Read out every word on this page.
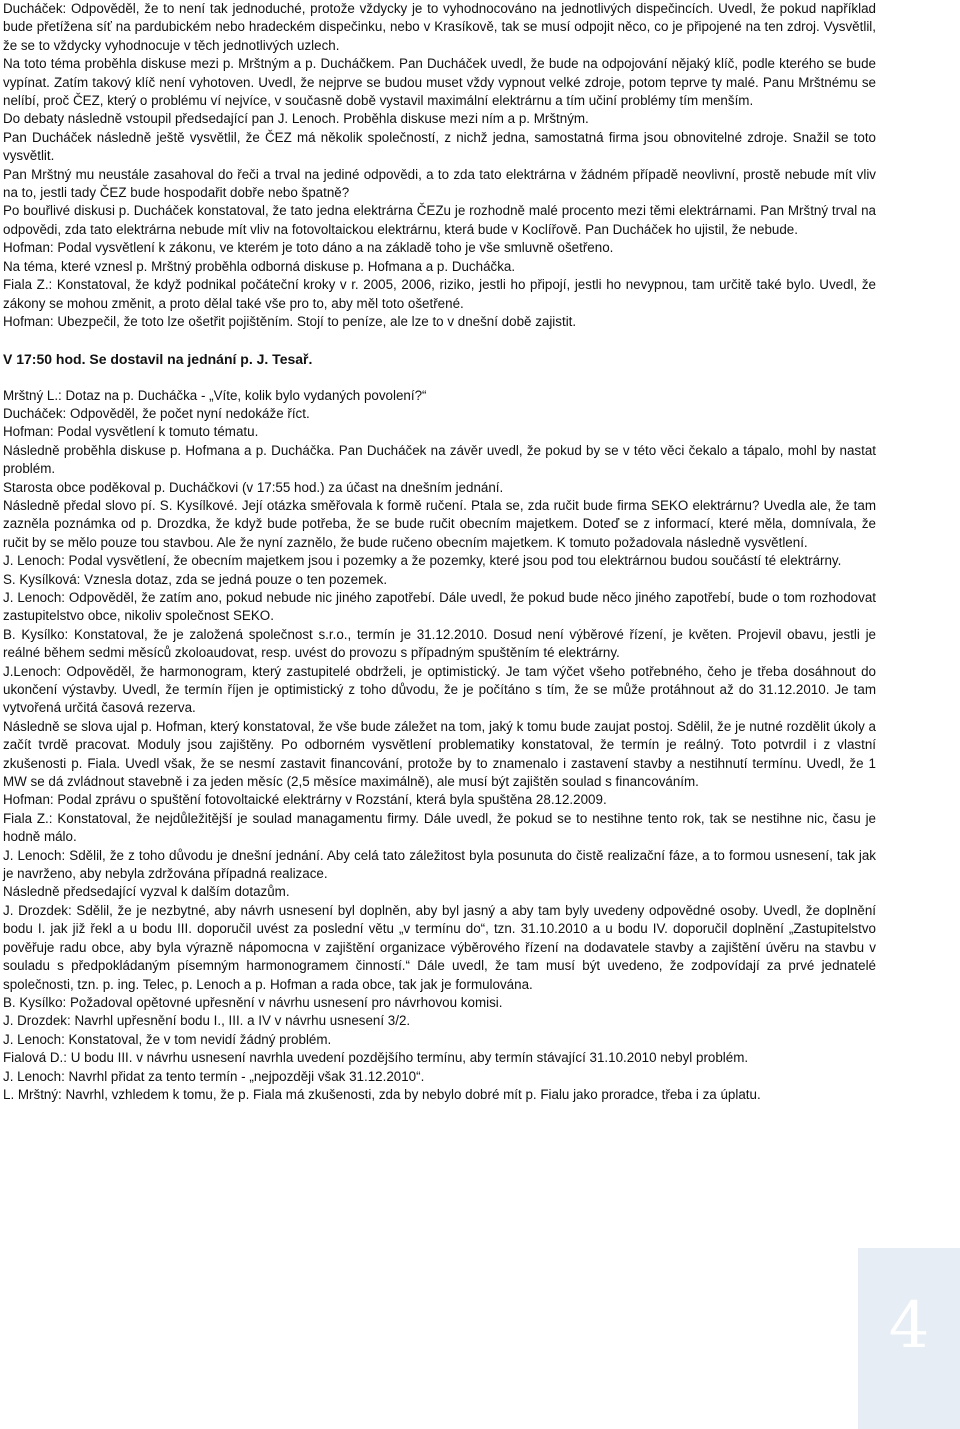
Ducháček: Odpověděl, že to není tak jednoduché, protože vždycky je to vyhodnocováno na jednotlivých dispečincích. Uvedl, že pokud například bude přetížena síť na pardubickém nebo hradeckém dispečinku, nebo v Krasíkově, tak se musí odpojit něco, co je připojené na ten zdroj. Vysvětlil, že se to vždycky vyhodnocuje v těch jednotlivých uzlech.

Na toto téma proběhla diskuse mezi p. Mrštným a p. Ducháčkem. Pan Ducháček uvedl, že bude na odpojování nějaký klíč, podle kterého se bude vypínat. Zatím takový klíč není vyhotoven. Uvedl, že nejprve se budou muset vždy vypnout velké zdroje, potom teprve ty malé. Panu Mrštnému se nelíbí, proč ČEZ, který o problému ví nejvíce, v současně době vystavil maximální elektrárnu a tím učiní problémy tím menším.

Do debaty následně vstoupil předsedající pan J. Lenoch. Proběhla diskuse mezi ním a p. Mrštným.

Pan Ducháček následně ještě vysvětlil, že ČEZ má několik společností, z nichž jedna, samostatná firma jsou obnovitelné zdroje. Snažil se toto vysvětlit.

Pan Mrštný mu neustále zasahoval do řeči a trval na jediné odpovědi, a to zda tato elektrárna v žádném případě neovlivní, prostě nebude mít vliv na to, jestli tady ČEZ bude hospodařit dobře nebo špatně?

Po bouřlivé diskusi p. Ducháček konstatoval, že tato jedna elektrárna ČEZu je rozhodně malé procento mezi těmi elektrárnami. Pan Mrštný trval na odpovědi, zda tato elektrárna nebude mít vliv na fotovoltaickou elektrárnu, která bude v Koclířově. Pan Ducháček ho ujistil, že nebude.

Hofman: Podal vysvětlení k zákonu, ve kterém je toto dáno a na základě toho je vše smluvně ošetřeno.

Na téma, které vznesl p. Mrštný proběhla odborná diskuse p. Hofmana a p. Ducháčka.

Fiala Z.: Konstatoval, že když podnikal počáteční kroky v r. 2005, 2006, riziko, jestli ho připojí, jestli ho nevypnou, tam určitě také bylo. Uvedl, že zákony se mohou změnit, a proto dělal také vše pro to, aby měl toto ošetřené.

Hofman: Ubezpečil, že toto lze ošetřit pojištěním. Stojí to peníze, ale lze to v dnešní době zajistit.

V 17:50 hod. Se dostavil na jednání p. J. Tesař.

Mrštný L.: Dotaz na p. Ducháčka - „Víte, kolik bylo vydaných povolení?“

Ducháček: Odpověděl, že počet nyní nedokáže říct.

Hofman: Podal vysvětlení k tomuto tématu.

Následně proběhla diskuse p. Hofmana a p. Ducháčka. Pan Ducháček na závěr uvedl, že pokud by se v této věci čekalo a tápalo, mohl by nastat problém.

Starosta obce poděkoval p. Ducháčkovi (v 17:55 hod.) za účast na dnešním jednání.

Následně předal slovo pí. S. Kysílkové. Její otázka směřovala k formě ručení. Ptala se, zda ručit bude firma SEKO elektrárnu? Uvedla ale, že tam zazněla poznámka od p. Drozdka, že když bude potřeba, že se bude ručit obecním majetkem. Doteď se z informací, které měla, domnívala, že ručit by se mělo pouze tou stavbou. Ale že nyní zaznělo, že bude ručeno obecním majetkem. K tomuto požadovala následně vysvětlení.

J. Lenoch: Podal vysvětlení, že obecním majetkem jsou i pozemky a že pozemky, které jsou pod tou elektrárnou budou součástí té elektrárny.

S. Kysílková: Vznesla dotaz, zda se jedná pouze o ten pozemek.

J. Lenoch: Odpověděl, že zatím ano, pokud nebude nic jiného zapotřebí. Dále uvedl, že pokud bude něco jiného zapotřebí, bude o tom rozhodovat zastupitelstvo obce, nikoliv společnost SEKO.

B. Kysílko: Konstatoval, že je založená společnost s.r.o., termín je 31.12.2010. Dosud není výběrové řízení, je květen. Projevil obavu, jestli je reálné během sedmi měsíců zkoloaudovat, resp. uvést do provozu s případným spuštěním té elektrárny.

J.Lenoch: Odpověděl, že harmonogram, který zastupitelé obdrželi, je optimistický. Je tam výčet všeho potřebného, čeho je třeba dosáhnout do ukončení výstavby. Uvedl, že termín říjen je optimistický z toho důvodu, že je počítáno s tím, že se může protáhnout až do 31.12.2010. Je tam vytvořená určitá časová rezerva.

Následně se slova ujal p. Hofman, který konstatoval, že vše bude záležet na tom, jaký k tomu bude zaujat postoj. Sdělil, že je nutné rozdělit úkoly a začít tvrdě pracovat. Moduly jsou zajištěny. Po odborném vysvětlení problematiky konstatoval, že termín je reálný. Toto potvrdil i z vlastní zkušenosti p. Fiala. Uvedl však, že se nesmí zastavit financování, protože by to znamenalo i zastavení stavby a nestihnutí termínu. Uvedl, že 1 MW se dá zvládnout stavebně i za jeden měsíc (2,5 měsíce maximálně), ale musí být zajištěn soulad s financováním.

Hofman: Podal zprávu o spuštění fotovoltaické elektrárny v Rozstání, která byla spuštěna 28.12.2009.

Fiala Z.: Konstatoval, že nejdůležitější je soulad managamentu firmy. Dále uvedl, že pokud se to nestihne tento rok, tak se nestihne nic, času je hodně málo.

J. Lenoch: Sdělil, že z toho důvodu je dnešní jednání. Aby celá tato záležitost byla posunuta do čistě realizační fáze, a to formou usnesení, tak jak je navrženo, aby nebyla zdržována případná realizace.

Následně předsedající vyzval k dalším dotazům.

J. Drozdek: Sdělil, že je nezbytné, aby návrh usnesení byl doplněn, aby byl jasný a aby tam byly uvedeny odpovědné osoby. Uvedl, že doplnění bodu I. jak již řekl a u bodu III. doporučil uvést za poslední větu „v termínu do“, tzn. 31.10.2010 a u bodu IV. doporučil doplnění „Zastupitelstvo pověřuje radu obce, aby byla výrazně nápomocna v zajištění organizace výběrového řízení na dodavatele stavby a zajištění úvěru na stavbu v souladu s předpokládaným písemným harmonogramem činností.“ Dále uvedl, že tam musí být uvedeno, že zodpovídají za prvé jednatelé společnosti, tzn. p. ing. Telec, p. Lenoch a p. Hofman a rada obce, tak jak je formulována.

B. Kysílko: Požadoval opětovné upřesnění v návrhu usnesení pro návrhovou komisi.

J. Drozdek: Navrhl upřesnění bodu I., III. a IV v návrhu usnesení 3/2.

J. Lenoch: Konstatoval, že v tom nevidí žádný problém.

Fialová D.: U bodu III. v návrhu usnesení navrhla uvedení pozdějšího termínu, aby termín stávající 31.10.2010 nebyl problém.

J. Lenoch: Navrhl přidat za tento termín - „nejpozději však 31.12.2010“.

L. Mrštný: Navrhl, vzhledem k tomu, že p. Fiala má zkušenosti, zda by nebylo dobré mít p. Fialu jako proradce, třeba i za úplatu.

4
